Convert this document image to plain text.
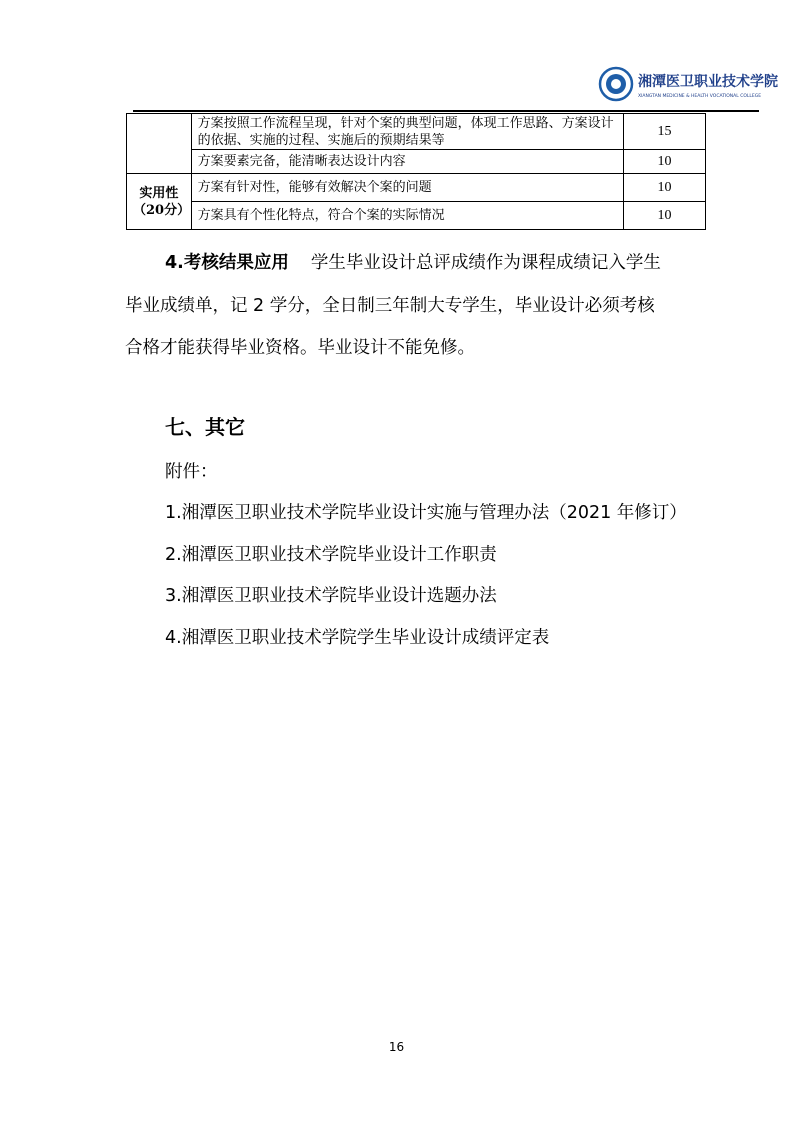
湘潭医卫职业技术学院
XIANGTAN MEDICINE & HEALTH VOCATIONAL COLLEGE
	方案按照工作流程呈现，针对个案的典型问题，体现工作思路、方案设计的依据、实施的过程、实施后的预期结果等	15
	方案要素完备，能清晰表达设计内容	10

实用性
（20分）	方案有针对性，能够有效解决个案的问题	10
	方案具有个性化特点，符合个案的实际情况	10
4.考核结果应用 学生毕业设计总评成绩作为课程成绩记入学生
毕业成绩单，记 2 学分，全日制三年制大专学生，毕业设计必须考核
合格才能获得毕业资格。毕业设计不能免修。
七、其它
附件：
1.湘潭医卫职业技术学院毕业设计实施与管理办法（2021 年修订）
2.湘潭医卫职业技术学院毕业设计工作职责
3.湘潭医卫职业技术学院毕业设计选题办法
4.湘潭医卫职业技术学院学生毕业设计成绩评定表
16
